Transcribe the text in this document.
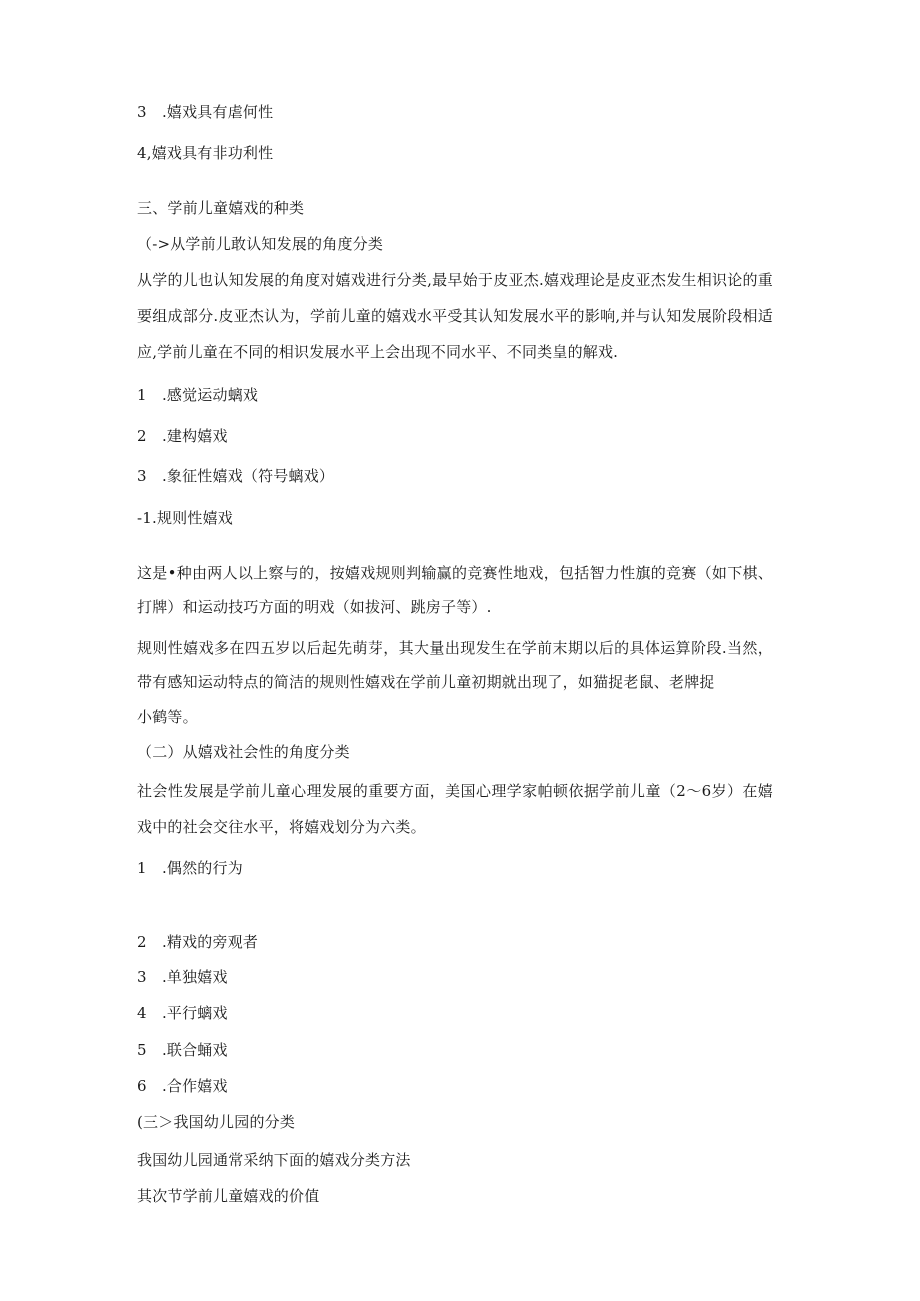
3　.嬉戏具有虐何性
4,嬉戏具有非功利性
三、学前儿童嬉戏的种类
（->从学前儿敢认知发展的角度分类
从学的儿也认知发展的角度对嬉戏进行分类,最早始于皮亚杰.嬉戏理论是皮亚杰发生相识论的重要组成部分.皮亚杰认为，学前儿童的嬉戏水平受其认知发展水平的影响,并与认知发展阶段相适应,学前儿童在不同的相识发展水平上会出现不同水平、不同类皇的解戏.
1　.感觉运动螭戏
2　.建构嬉戏
3　.象征性嬉戏（符号螭戏）
-1.规则性嬉戏
这是•种由两人以上察与的，按嬉戏规则判输赢的竞赛性地戏，包括智力性旗的竞赛（如下棋、打牌）和运动技巧方面的明戏（如拔河、跳房子等）.
规则性嬉戏多在四五岁以后起先萌芽，其大量出现发生在学前末期以后的具体运算阶段.当然，带有感知运动特点的简洁的规则性嬉戏在学前儿童初期就出现了，如猫捉老鼠、老牌捉
小鹤等。
（二）从嬉戏社会性的角度分类
社会性发展是学前儿童心理发展的重要方面，美国心理学家帕顿依据学前儿童（2〜6岁）在嬉戏中的社会交往水平，将嬉戏划分为六类。
1　.偶然的行为
2　.精戏的旁观者
3　.单独嬉戏
4　.平行螭戏
5　.联合蛹戏
6　.合作嬉戏
(三＞我国幼儿园的分类
我国幼儿园通常采纳下面的嬉戏分类方法
其次节学前儿童嬉戏的价值
